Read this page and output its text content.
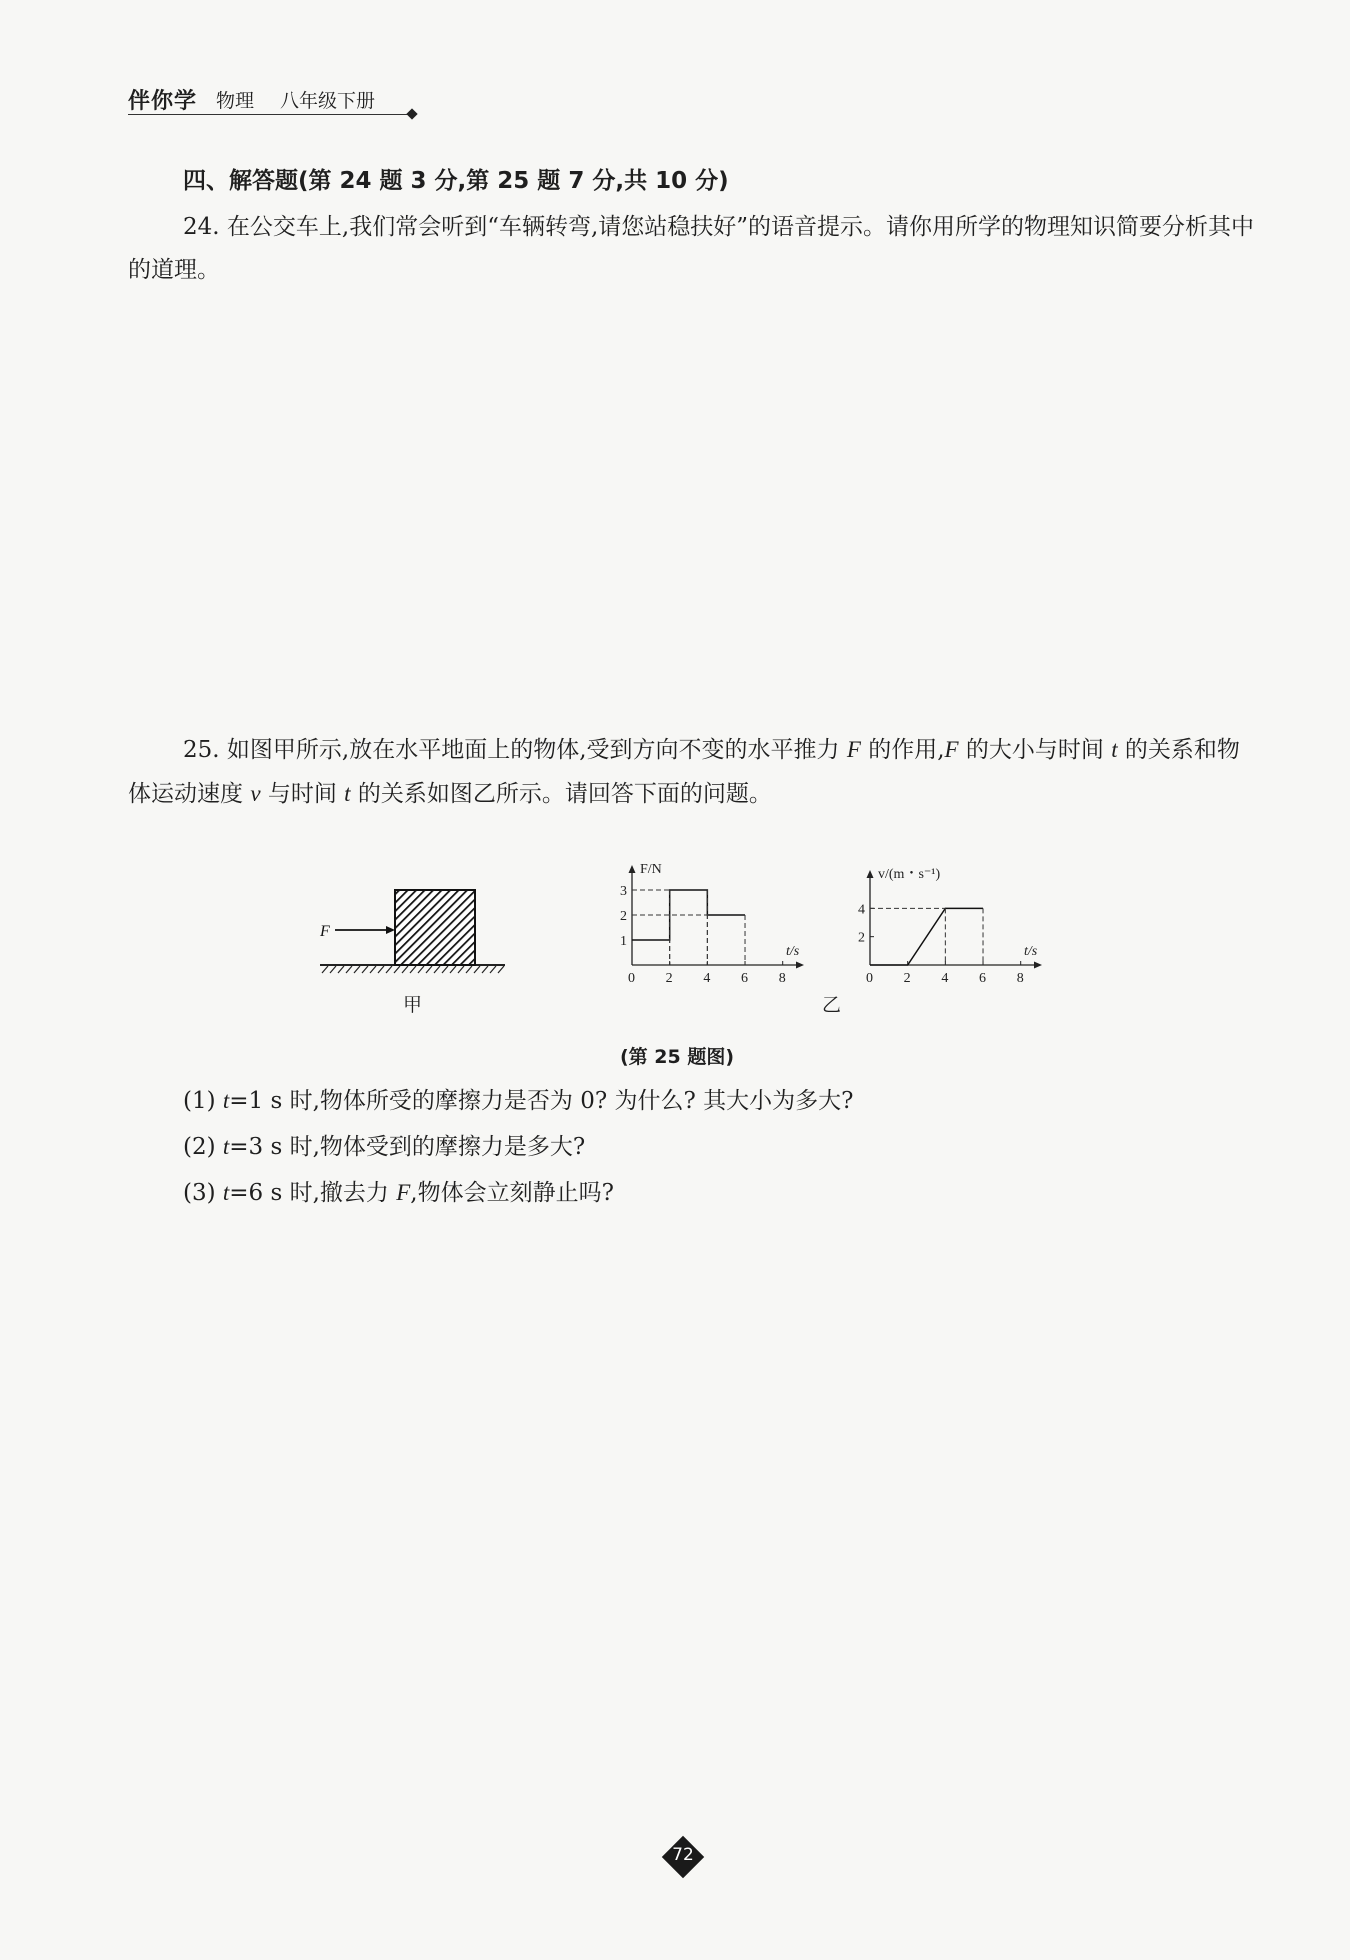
伴你学 物理 八年级下册
四、解答题(第 24 题 3 分,第 25 题 7 分,共 10 分)
24. 在公交车上,我们常会听到“车辆转弯,请您站稳扶好”的语音提示。请你用所学的物理知识简要分析其中的道理。
25. 如图甲所示,放在水平地面上的物体,受到方向不变的水平推力 F 的作用,F 的大小与时间 t 的关系和物体运动速度 v 与时间 t 的关系如图乙所示。请回答下面的问题。
F
F/N
t/s
0 2 4 6 8
1
2
3
v/(m・s⁻¹)
t/s
0 2 4 6 8
2
4
甲	乙
(第 25 题图)
(1) t=1 s 时,物体所受的摩擦力是否为 0? 为什么? 其大小为多大?
(2) t=3 s 时,物体受到的摩擦力是多大?
(3) t=6 s 时,撤去力 F,物体会立刻静止吗?
72
